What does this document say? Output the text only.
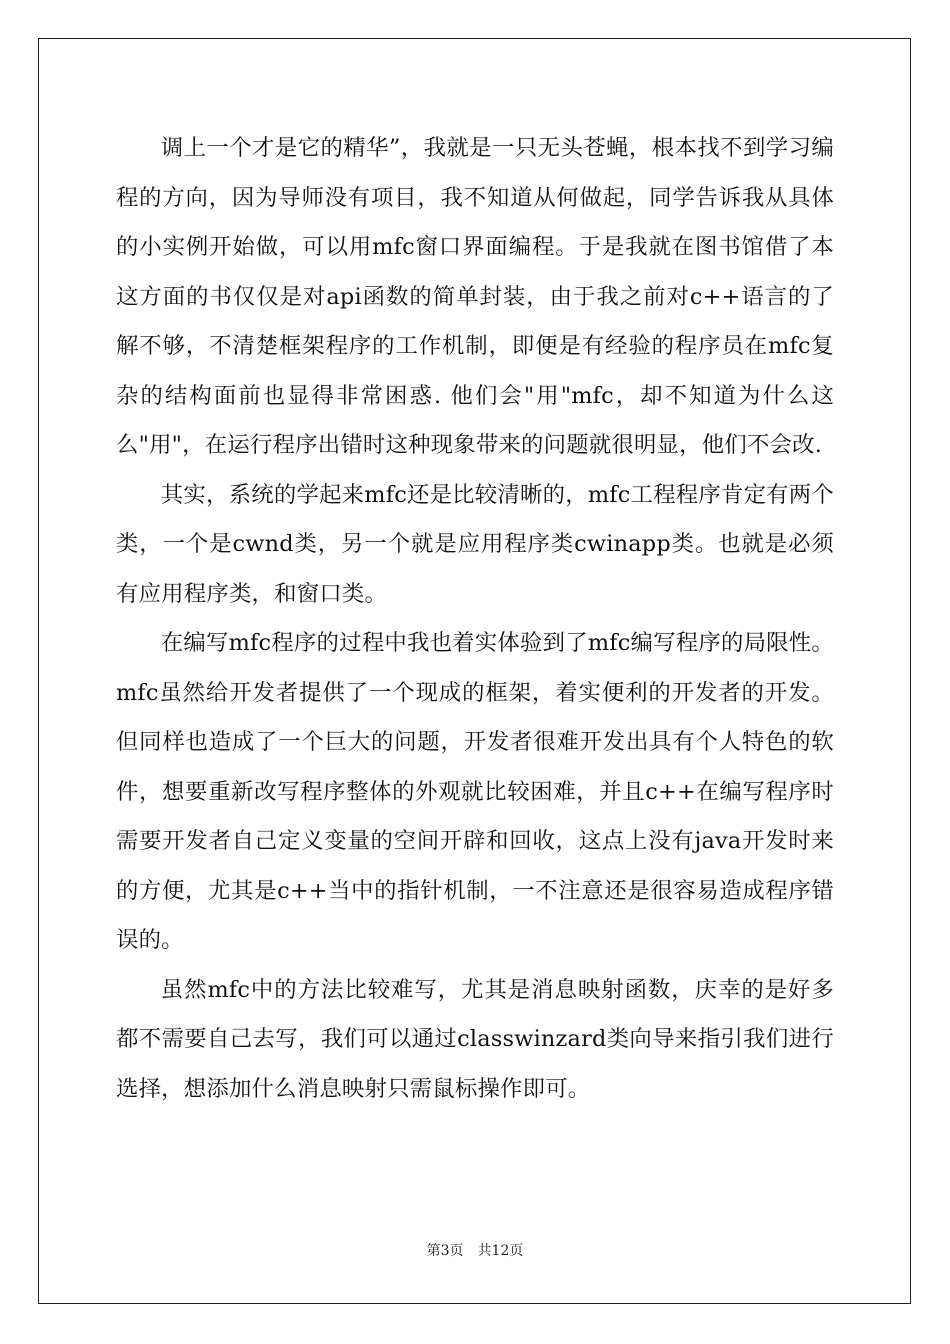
调上一个才是它的精华”，我就是一只无头苍蝇，根本找不到学习编程的方向，因为导师没有项目，我不知道从何做起，同学告诉我从具体的小实例开始做，可以用mfc窗口界面编程。于是我就在图书馆借了本这方面的书仅仅是对api函数的简单封装，由于我之前对c++语言的了解不够，不清楚框架程序的工作机制，即便是有经验的程序员在mfc复杂的结构面前也显得非常困惑. 他们会"用"mfc，却不知道为什么这么"用"，在运行程序出错时这种现象带来的问题就很明显，他们不会改.

其实，系统的学起来mfc还是比较清晰的，mfc工程程序肯定有两个类，一个是cwnd类，另一个就是应用程序类cwinapp类。也就是必须有应用程序类，和窗口类。

在编写mfc程序的过程中我也着实体验到了mfc编写程序的局限性。mfc虽然给开发者提供了一个现成的框架，着实便利的开发者的开发。但同样也造成了一个巨大的问题，开发者很难开发出具有个人特色的软件，想要重新改写程序整体的外观就比较困难，并且c++在编写程序时需要开发者自己定义变量的空间开辟和回收，这点上没有java开发时来的方便，尤其是c++当中的指针机制，一不注意还是很容易造成程序错误的。

虽然mfc中的方法比较难写，尤其是消息映射函数，庆幸的是好多都不需要自己去写，我们可以通过classwinzard类向导来指引我们进行选择，想添加什么消息映射只需鼠标操作即可。

第3页 共12页
